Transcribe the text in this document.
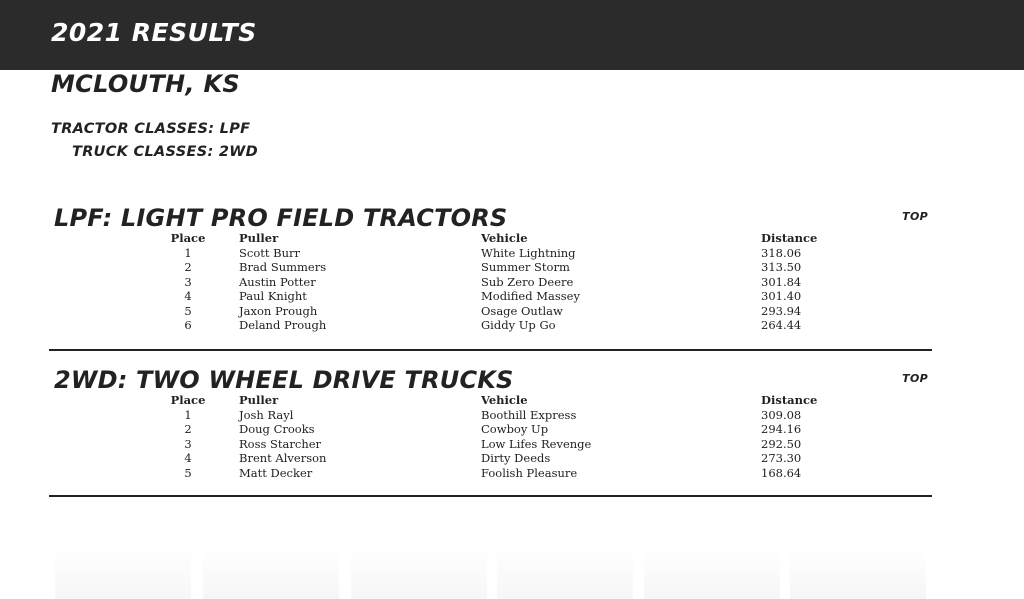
2021 RESULTS
MCLOUTH, KS
TRACTOR CLASSES: LPF
TRUCK CLASSES: 2WD
LPF: LIGHT PRO FIELD TRACTORS	TOP
Place	Puller	Vehicle	Distance
1	Scott Burr	White Lightning	318.06
2	Brad Summers	Summer Storm	313.50
3	Austin Potter	Sub Zero Deere	301.84
4	Paul Knight	Modified Massey	301.40
5	Jaxon Prough	Osage Outlaw	293.94
6	Deland Prough	Giddy Up Go	264.44
2WD: TWO WHEEL DRIVE TRUCKS	TOP
Place	Puller	Vehicle	Distance
1	Josh Rayl	Boothill Express	309.08
2	Doug Crooks	Cowboy Up	294.16
3	Ross Starcher	Low Lifes Revenge	292.50
4	Brent Alverson	Dirty Deeds	273.30
5	Matt Decker	Foolish Pleasure	168.64
